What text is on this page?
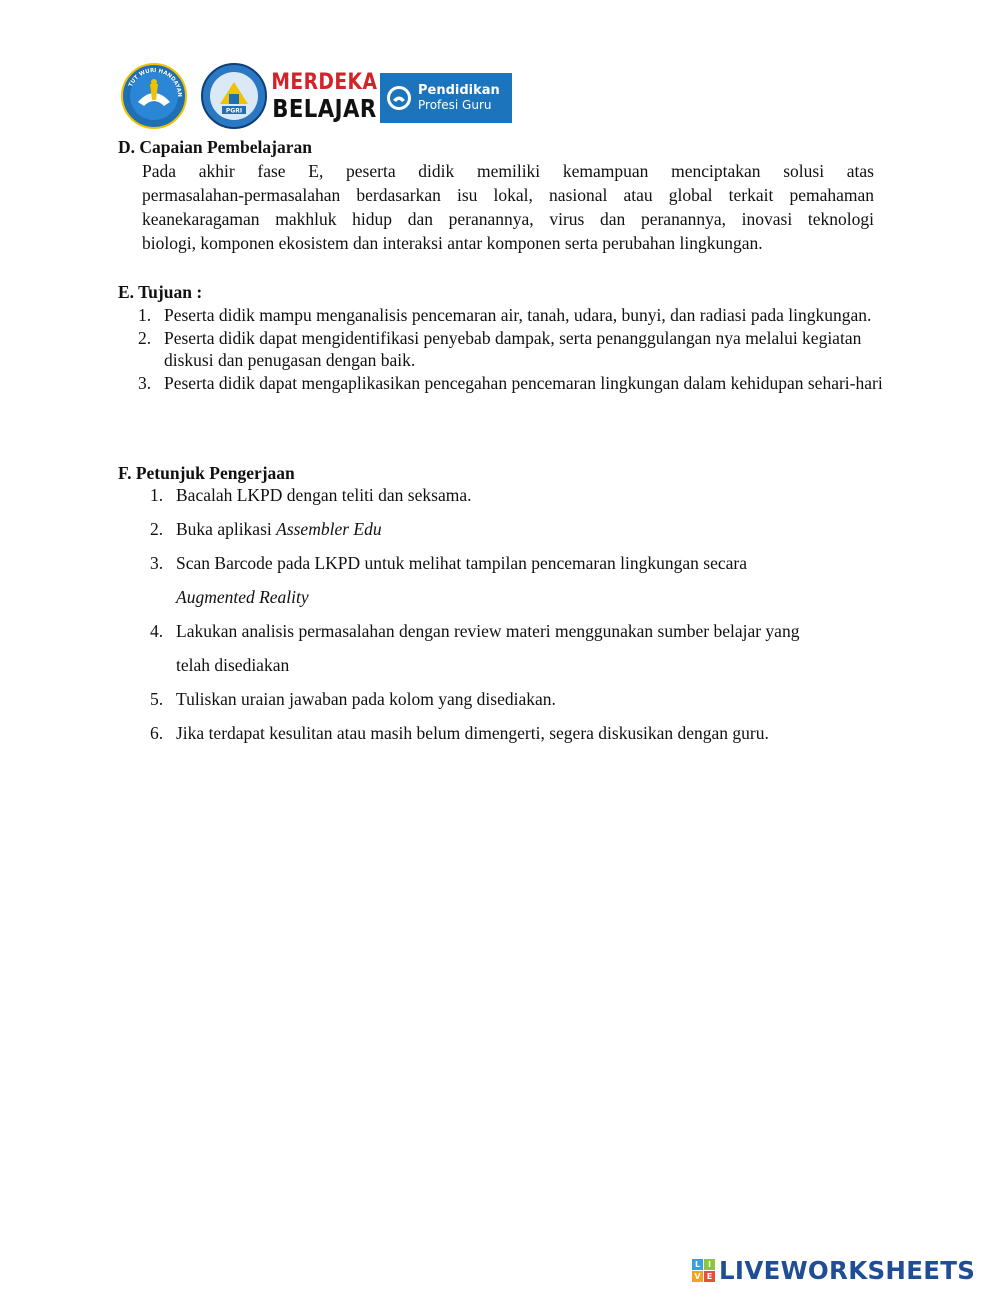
TUT WURI HANDAYAN
PGRI
MERDEKA
BELAJAR
Pendidikan
Profesi Guru
D. Capaian Pembelajaran
Pada akhir fase E, peserta didik memiliki kemampuan menciptakan solusi atas
permasalahan-permasalahan berdasarkan isu lokal, nasional atau global terkait pemahaman
keanekaragaman makhluk hidup dan peranannya, virus dan peranannya, inovasi teknologi
biologi, komponen ekosistem dan interaksi antar komponen serta perubahan lingkungan.
E. Tujuan :
1. Peserta didik mampu menganalisis pencemaran air, tanah, udara, bunyi, dan radiasi pada lingkungan.
2. Peserta didik dapat mengidentifikasi penyebab dampak, serta penanggulangan nya melalui kegiatan diskusi dan penugasan dengan baik.
3. Peserta didik dapat mengaplikasikan pencegahan pencemaran lingkungan dalam kehidupan sehari-hari
F. Petunjuk Pengerjaan
1. Bacalah LKPD dengan teliti dan seksama.
2. Buka aplikasi Assembler Edu
3. Scan Barcode pada LKPD untuk melihat tampilan pencemaran lingkungan secara Augmented Reality
4. Lakukan analisis permasalahan dengan review materi menggunakan sumber belajar yang telah disediakan
5. Tuliskan uraian jawaban pada kolom yang disediakan.
6. Jika terdapat kesulitan atau masih belum dimengerti, segera diskusikan dengan guru.
L I
V E LIVEWORKSHEETS
